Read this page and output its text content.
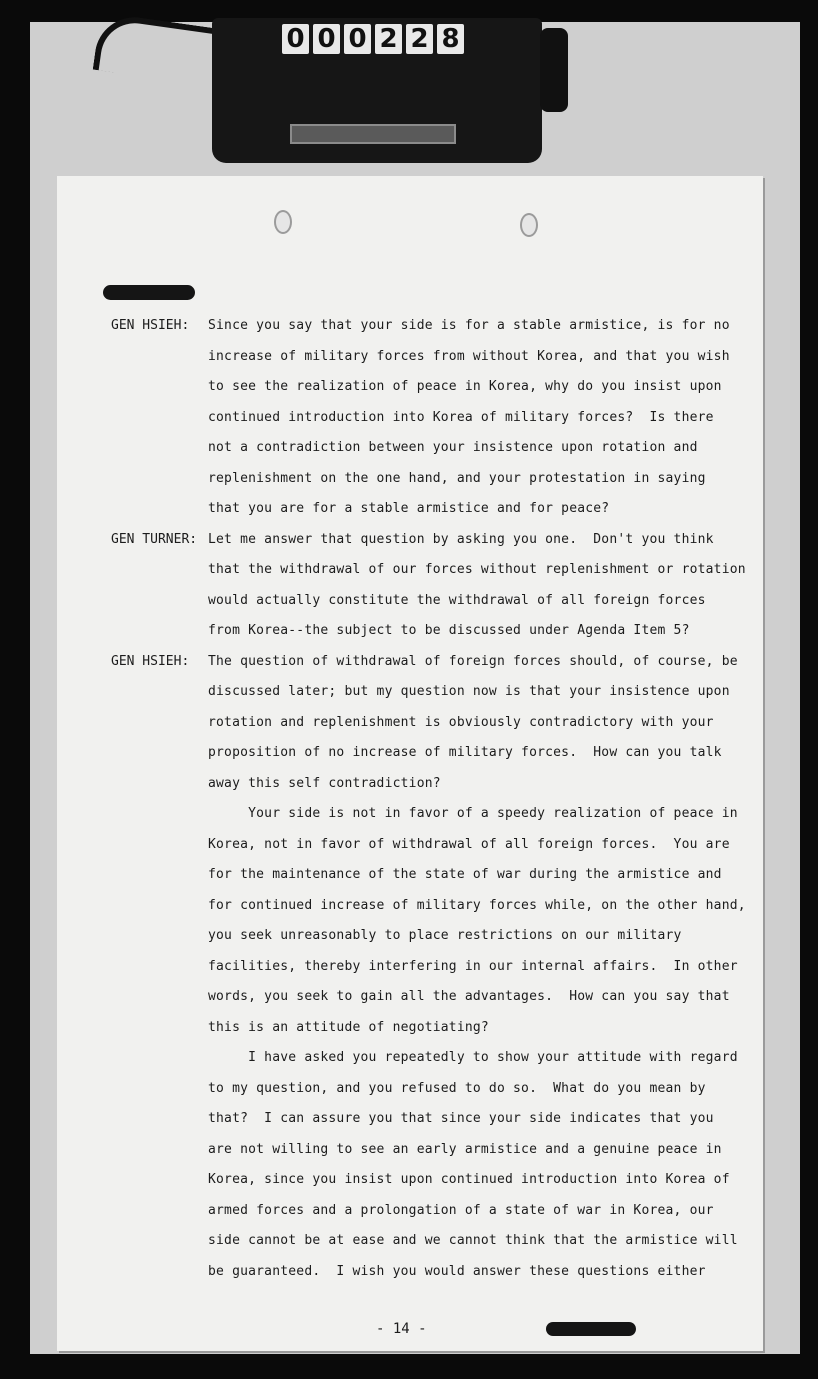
0 0 0 2 2 8
GEN HSIEH: Since you say that your side is for a stable armistice, is for no
increase of military forces from without Korea, and that you wish
to see the realization of peace in Korea, why do you insist upon
continued introduction into Korea of military forces?  Is there
not a contradiction between your insistence upon rotation and
replenishment on the one hand, and your protestation in saying
that you are for a stable armistice and for peace?
GEN TURNER: Let me answer that question by asking you one.  Don't you think
that the withdrawal of our forces without replenishment or rotation
would actually constitute the withdrawal of all foreign forces
from Korea--the subject to be discussed under Agenda Item 5?
GEN HSIEH: The question of withdrawal of foreign forces should, of course, be
discussed later; but my question now is that your insistence upon
rotation and replenishment is obviously contradictory with your
proposition of no increase of military forces.  How can you talk
away this self contradiction?
Your side is not in favor of a speedy realization of peace in
Korea, not in favor of withdrawal of all foreign forces.  You are
for the maintenance of the state of war during the armistice and
for continued increase of military forces while, on the other hand,
you seek unreasonably to place restrictions on our military
facilities, thereby interfering in our internal affairs.  In other
words, you seek to gain all the advantages.  How can you say that
this is an attitude of negotiating?
I have asked you repeatedly to show your attitude with regard
to my question, and you refused to do so.  What do you mean by
that?  I can assure you that since your side indicates that you
are not willing to see an early armistice and a genuine peace in
Korea, since you insist upon continued introduction into Korea of
armed forces and a prolongation of a state of war in Korea, our
side cannot be at ease and we cannot think that the armistice will
be guaranteed.  I wish you would answer these questions either
- 14 -
